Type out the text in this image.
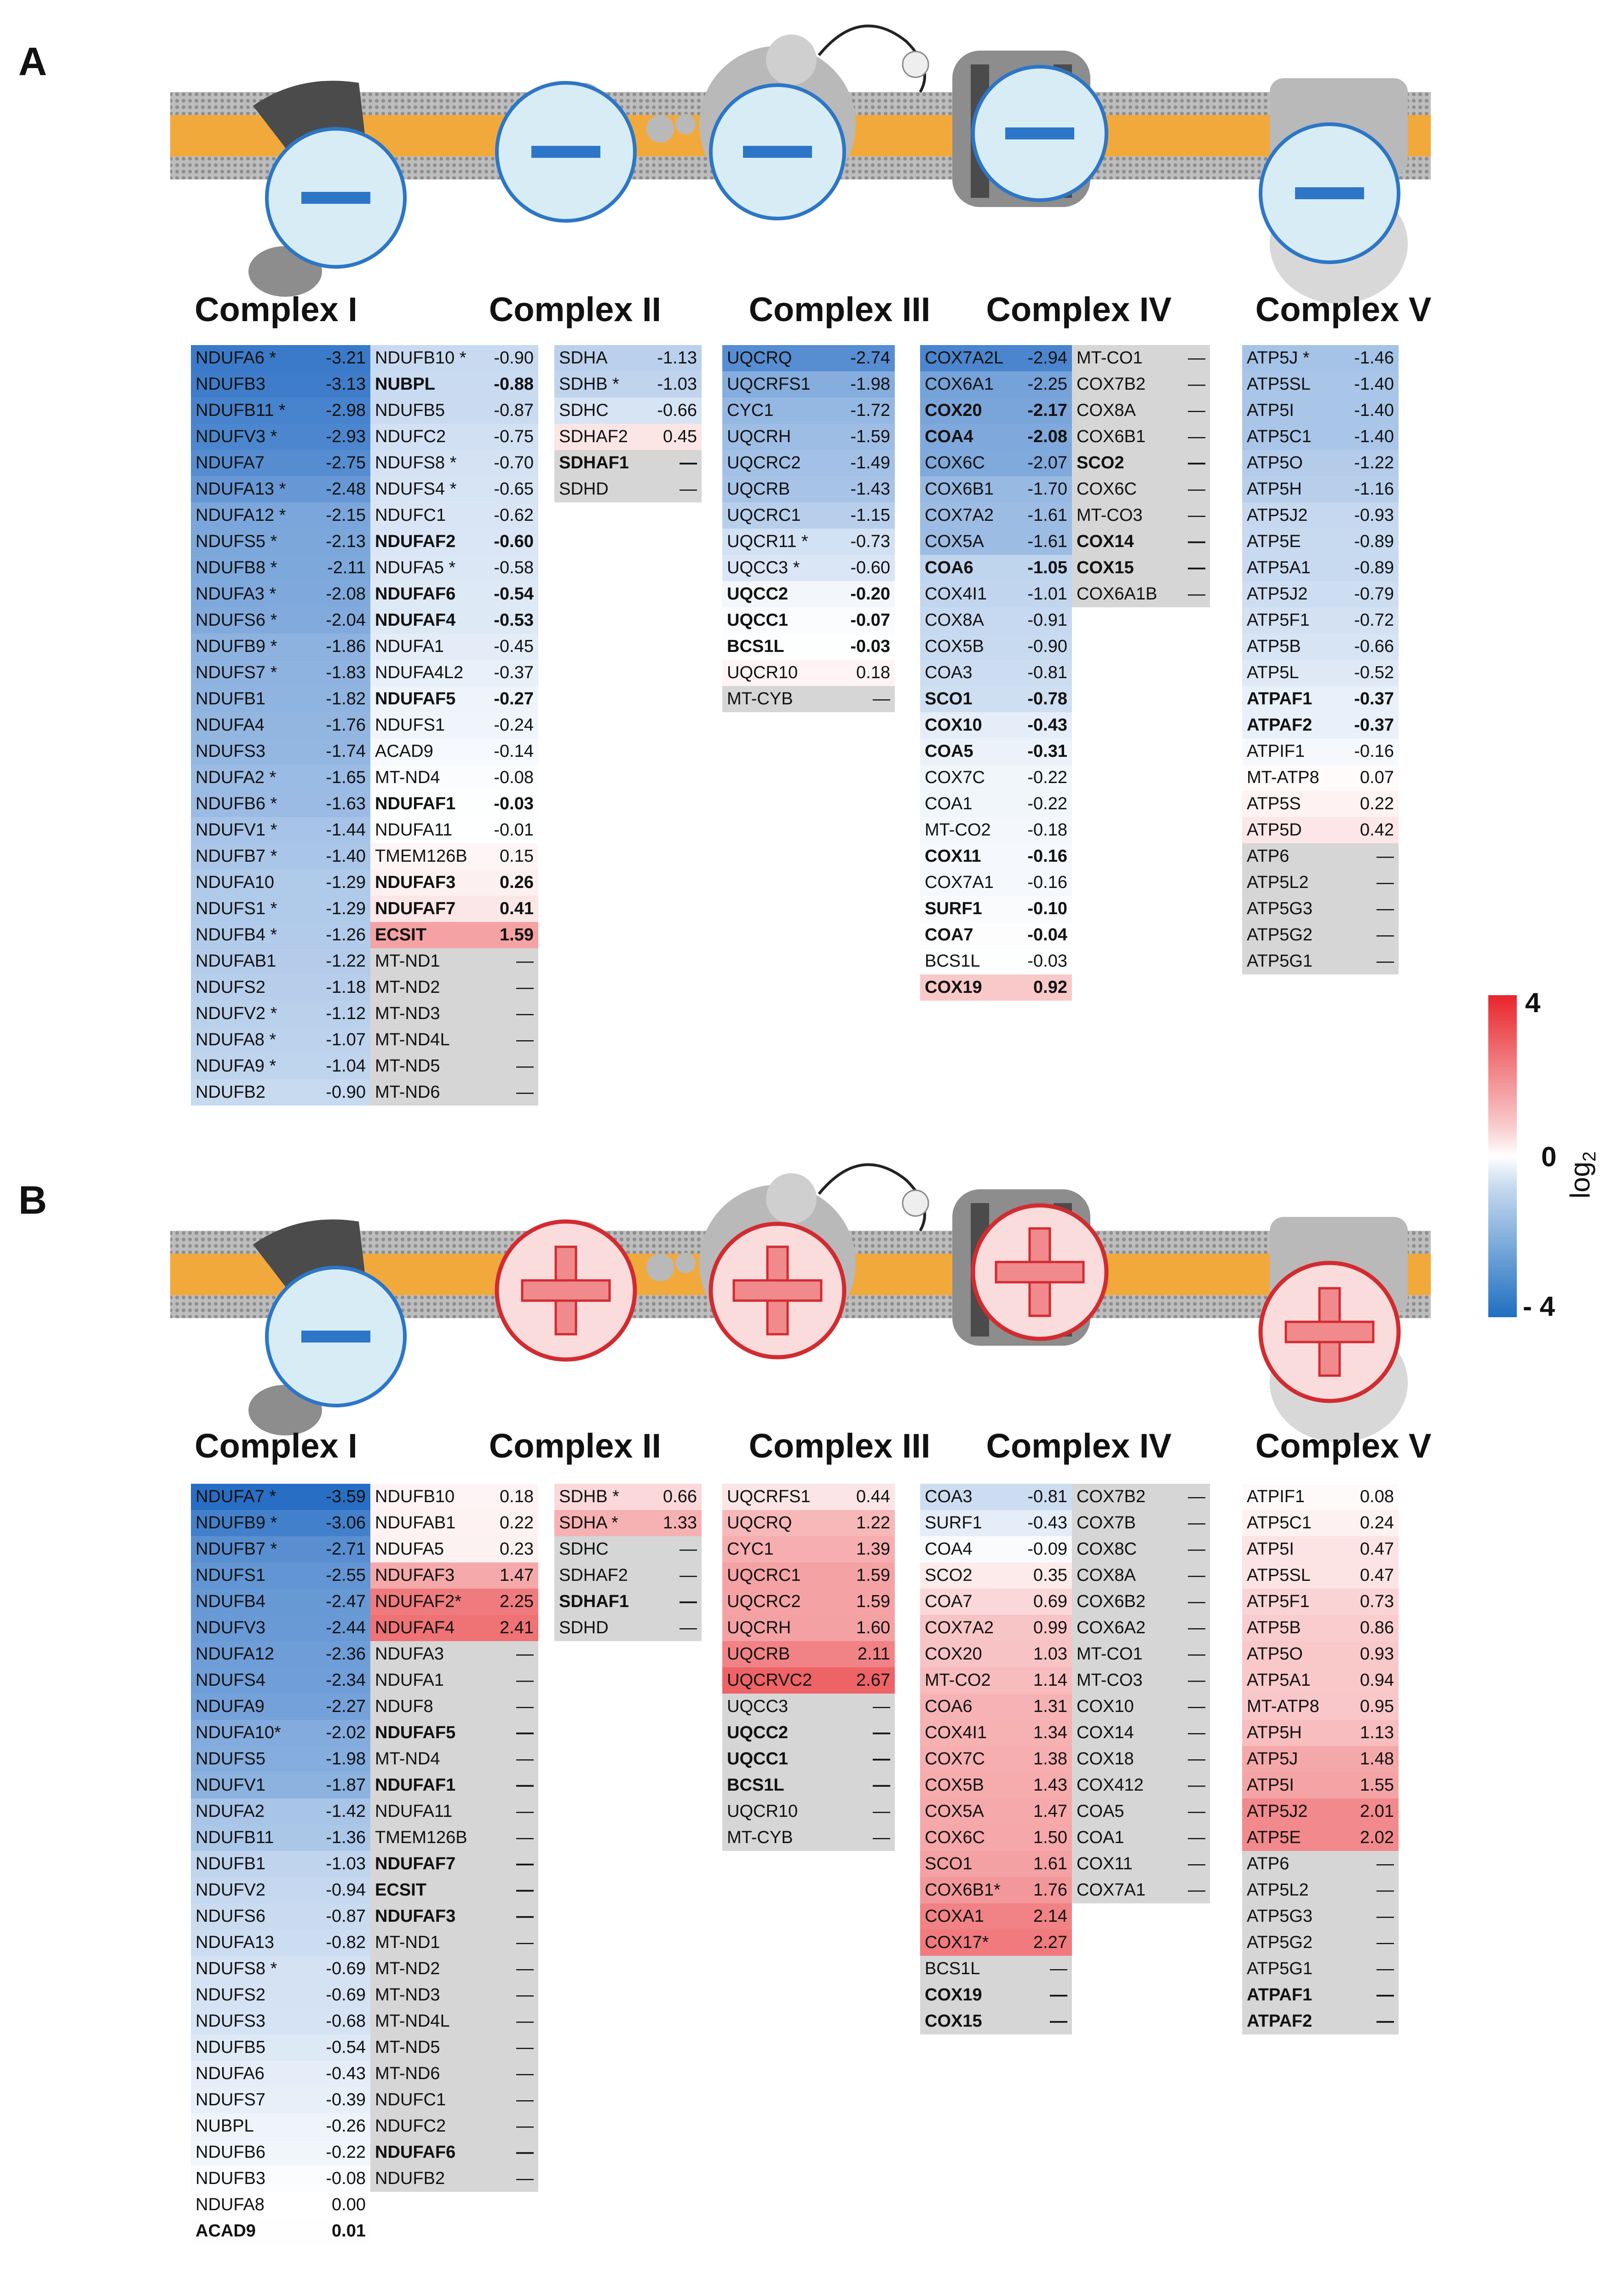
A
B
Complex I	Complex II	Complex III Complex IV Complex V
Complex I	Complex II	Complex III Complex IV Complex V
NDUFA6 *	-3.21
NDUFB3	-3.13
NDUFB11 * -2.98
NDUFV3 *	-2.93
NDUFA7	-2.75
NDUFA13 * -2.48
NDUFA12 * -2.15
NDUFS5 *	-2.13
NDUFB8 *	-2.11
NDUFA3 *	-2.08
NDUFS6 *	-2.04
NDUFB9 *	-1.86
NDUFS7 *	-1.83
NDUFB1	-1.82
NDUFA4	-1.76
NDUFS3	-1.74
NDUFA2 *	-1.65
NDUFB6 *	-1.63
NDUFV1 *	-1.44
NDUFB7 *	-1.40
NDUFA10	-1.29
NDUFS1 *	-1.29
NDUFB4 *	-1.26
NDUFAB1	-1.22
NDUFS2	-1.18
NDUFV2 *	-1.12
NDUFA8 *	-1.07
NDUFA9 *	-1.04
NDUFB2	-0.90
NDUFB10 * -0.90
NUBPL	-0.88
NDUFB5	-0.87
NDUFC2	-0.75
NDUFS8 * -0.70
NDUFS4 * -0.65
NDUFC1	-0.62
NDUFAF2 -0.60
NDUFA5 * -0.58
NDUFAF6 -0.54
NDUFAF4 -0.53
NDUFA1	-0.45
NDUFA4L2 -0.37
NDUFAF5 -0.27
NDUFS1	-0.24
ACAD9	-0.14
MT-ND4	-0.08
NDUFAF1 -0.03
NDUFA11 -0.01
TMEM126B 0.15
NDUFAF3	0.26
NDUFAF7	0.41
ECSIT	1.59
MT-ND1	—
MT-ND2	—
MT-ND3	—
MT-ND4L	—
MT-ND5	—
MT-ND6	—
SDHA	-1.13
SDHB * -1.03
SDHC	-0.66
SDHAF2 0.45
SDHAF1	—
SDHD	—
UQCRQ	-2.74
UQCRFS1 -1.98
CYC1	-1.72
UQCRH	-1.59
UQCRC2	-1.49
UQCRB	-1.43
UQCRC1	-1.15
UQCR11 * -0.73
UQCC3 *	-0.60
UQCC2	-0.20
UQCC1	-0.07
BCS1L	-0.03
UQCR10	0.18
MT-CYB	—
COX7A2L -2.94
COX6A1 -2.25
COX20	-2.17
COA4	-2.08
COX6C -2.07
COX6B1 -1.70
COX7A2 -1.61
COX5A -1.61
COA6	-1.05
COX4I1 -1.01
COX8A -0.91
COX5B -0.90
COA3	-0.81
SCO1	-0.78
COX10	-0.43
COA5	-0.31
COX7C -0.22
COA1	-0.22
MT-CO2 -0.18
COX11	-0.16
COX7A1 -0.16
SURF1	-0.10
COA7	-0.04
BCS1L	-0.03
COX19	0.92
MT-CO1	—
COX7B2 —
COX8A	—
COX6B1 —
SCO2	—
COX6C	—
MT-CO3	—
COX14	—
COX15	—
COX6A1B —
ATP5J *	-1.46
ATP5SL -1.40
ATP5I	-1.40
ATP5C1 -1.40
ATP5O	-1.22
ATP5H	-1.16
ATP5J2	-0.93
ATP5E	-0.89
ATP5A1 -0.89
ATP5J2	-0.79
ATP5F1	-0.72
ATP5B	-0.66
ATP5L	-0.52
ATPAF1 -0.37
ATPAF2 -0.37
ATPIF1	-0.16
MT-ATP8 0.07
ATP5S	0.22
ATP5D	0.42
ATP6	—
ATP5L2	—
ATP5G3	—
ATP5G2	—
ATP5G1	—
NDUFA7 *	-3.59
NDUFB9 *	-3.06
NDUFB7 *	-2.71
NDUFS1	-2.55
NDUFB4	-2.47
NDUFV3	-2.44
NDUFA12	-2.36
NDUFS4	-2.34
NDUFA9	-2.27
NDUFA10*	-2.02
NDUFS5	-1.98
NDUFV1	-1.87
NDUFA2	-1.42
NDUFB11	-1.36
NDUFB1	-1.03
NDUFV2	-0.94
NDUFS6	-0.87
NDUFA13	-0.82
NDUFS8 *	-0.69
NDUFS2	-0.69
NDUFS3	-0.68
NDUFB5	-0.54
NDUFA6	-0.43
NDUFS7	-0.39
NUBPL	-0.26
NDUFB6	-0.22
NDUFB3	-0.08
NDUFA8	0.00
ACAD9	0.01
NDUFB10	0.18
NDUFAB1	0.22
NDUFA5	0.23
NDUFAF3	1.47
NDUFAF2* 2.25
NDUFAF4	2.41
NDUFA3	—
NDUFA1	—
NDUF8	—
NDUFAF5	—
MT-ND4	—
NDUFAF1	—
NDUFA11	—
TMEM126B	—
NDUFAF7	—
ECSIT	—
NDUFAF3	—
MT-ND1	—
MT-ND2	—
MT-ND3	—
MT-ND4L	—
MT-ND5	—
MT-ND6	—
NDUFC1	—
NDUFC2	—
NDUFAF6	—
NDUFB2	—
SDHB *	0.66
SDHA *	1.33
SDHC	—
SDHAF2	—
SDHAF1	—
SDHD	—
UQCRFS1	0.44
UQCRQ	1.22
CYC1	1.39
UQCRC1	1.59
UQCRC2	1.59
UQCRH	1.60
UQCRB	2.11
UQCRVC2	2.67
UQCC3	—
UQCC2	—
UQCC1	—
BCS1L	—
UQCR10	—
MT-CYB	—
COA3	-0.81
SURF1	-0.43
COA4	-0.09
SCO2	0.35
COA7	0.69
COX7A2 0.99
COX20	1.03
MT-CO2 1.14
COA6	1.31
COX4I1	1.34
COX7C	1.38
COX5B	1.43
COX5A	1.47
COX6C	1.50
SCO1	1.61
COX6B1* 1.76
COXA1	2.14
COX17*	2.27
BCS1L	—
COX19	—
COX15	—
COX7B2 —
COX7B	—
COX8C	—
COX8A	—
COX6B2 —
COX6A2 —
MT-CO1	—
MT-CO3	—
COX10	—
COX14	—
COX18	—
COX412	—
COA5	—
COA1	—
COX11	—
COX7A1 —
ATPIF1	0.08
ATP5C1	0.24
ATP5I	0.47
ATP5SL	0.47
ATP5F1	0.73
ATP5B	0.86
ATP5O	0.93
ATP5A1	0.94
MT-ATP8 0.95
ATP5H	1.13
ATP5J	1.48
ATP5I	1.55
ATP5J2	2.01
ATP5E	2.02
ATP6	—
ATP5L2	—
ATP5G3	—
ATP5G2	—
ATP5G1	—
ATPAF1	—
ATPAF2	—
4
0
- 4
$\log_2$
